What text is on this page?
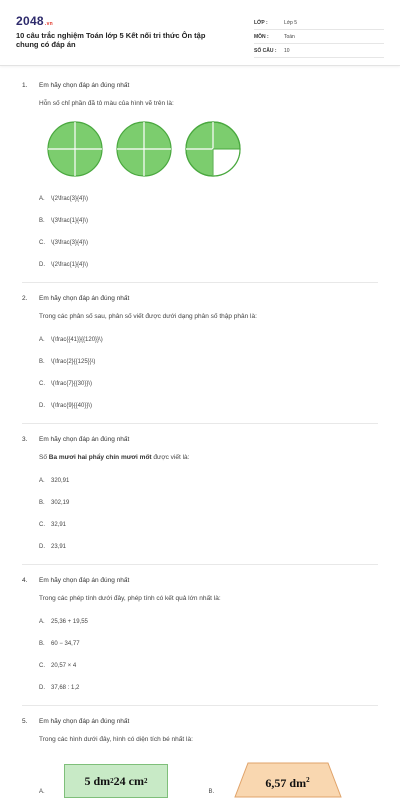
2048.vn
10 câu trắc nghiệm Toán lớp 5 Kết nối tri thức Ôn tập chung có đáp án
LỚP :	Lớp 5
MÔN :	Toán
SỐ CÂU :	10
1.	Em hãy chọn đáp án đúng nhất
Hỗn số chỉ phần đã tô màu của hình vẽ trên là:
A.	\(2\frac{3}{4}\)
B.	\(3\frac{1}{4}\)
C.	\(3\frac{3}{4}\)
D.	\(2\frac{1}{4}\)
2.	Em hãy chọn đáp án đúng nhất
Trong các phân số sau, phân số viết được dưới dạng phân số thập phân là:
A.	\(\frac{{41}}{{120}}\)
B.	\(\frac{2}{{125}}\)
C.	\(\frac{7}{{30}}\)
D.	\(\frac{9}{{40}}\)
3.	Em hãy chọn đáp án đúng nhất
Số Ba mươi hai phẩy chín mươi mốt được viết là:
A.	320,91
B.	302,19
C.	32,91
D.	23,91
4.	Em hãy chọn đáp án đúng nhất
Trong các phép tính dưới đây, phép tính có kết quả lớn nhất là:
A.	25,36 + 19,55
B.	60 − 34,77
C.	20,57 × 4
D.	37,68 : 1,2
5.	Em hãy chọn đáp án đúng nhất
Trong các hình dưới đây, hình có diện tích bé nhất là:
A.
5 dm 2 24 cm 2
B.
6,57 $dm^2$
